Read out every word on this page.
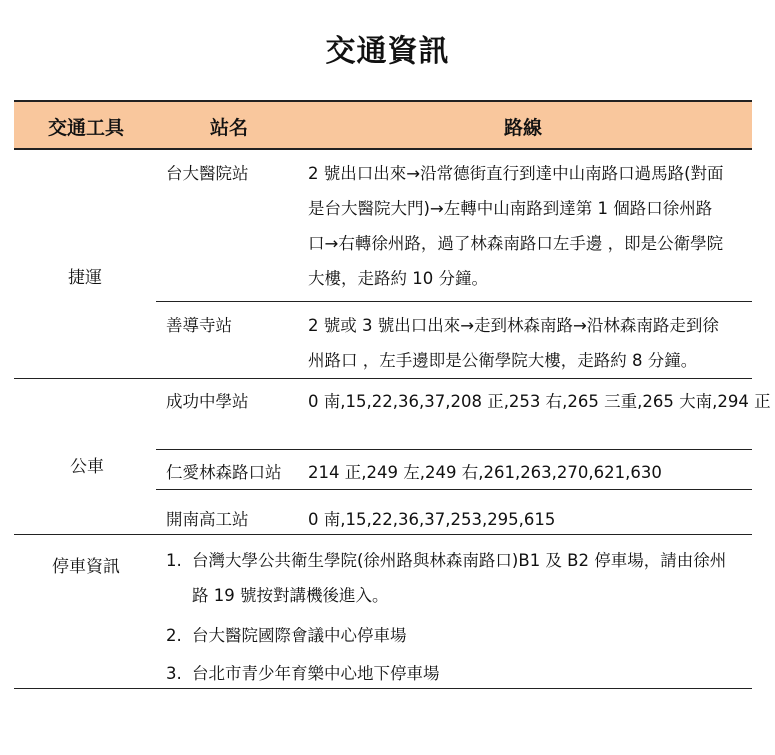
交通資訊
交通工具	站名	路線
捷運
台大醫院站	2 號出口出來→沿常德街直行到達中山南路口過馬路(對面
是台大醫院大門)→左轉中山南路到達第 1 個路口徐州路
口→右轉徐州路，過了林森南路口左手邊 ，即是公衛學院
大樓，走路約 10 分鐘。
善導寺站	2 號或 3 號出口出來→走到林森南路→沿林森南路走到徐
州路口 ，左手邊即是公衛學院大樓，走路約 8 分鐘。
公車
成功中學站	0 南,15,22,36,37,208 正,253 右,265 三重,265 大南,294 正
仁愛林森路口站 214 正,249 左,249 右,261,263,270,621,630
開南高工站	0 南,15,22,36,37,253,295,615
停車資訊	1. 台灣大學公共衛生學院(徐州路與林森南路口)B1 及 B2 停車場，請由徐州
路 19 號按對講機後進入。
2. 台大醫院國際會議中心停車場
3. 台北市青少年育樂中心地下停車場
